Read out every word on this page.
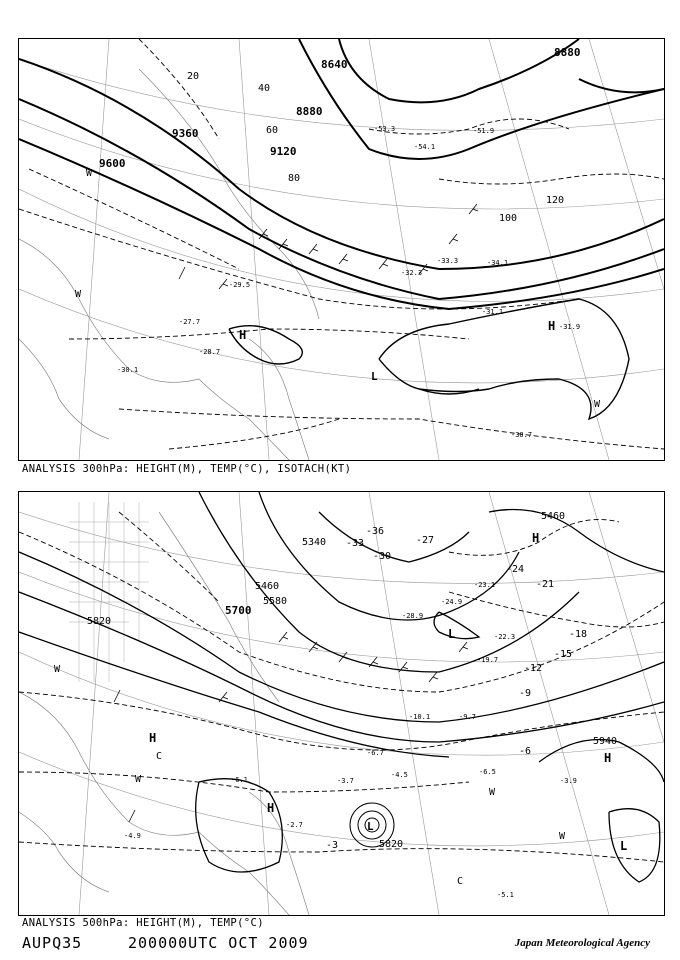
9600
9360
9120
8880
8640
8880
20
40
60
80
100
120
-29.5
-28.7
-27.7
-30.1
-32.3
-33.3	-34.1
-31.1
-31.9
-30.7
-53.3	-51.9
-54.1
H
H
L
W
W
W
ANALYSIS 300hPa: HEIGHT(M), TEMP(°C), ISOTACH(KT)
5820
5700
5580
5460
5340
5460
5940
5820
-3
-6
-9
-12
-15
-18
-21
-24
-27
-30
-33
-36
-23.1
-24.9
-28.9
-22.3
-19.7
-10.1	-9.7
-6.7
-4.5
-3.7
-2.7
-6.1
-6.5
-3.9
-5.1
-4.9
H
H
H
H
L
L
L
W
W
W
W
C
C
ANALYSIS 500hPa: HEIGHT(M), TEMP(°C)
AUPQ35	200000UTC OCT 2009	Japan Meteorological Agency
